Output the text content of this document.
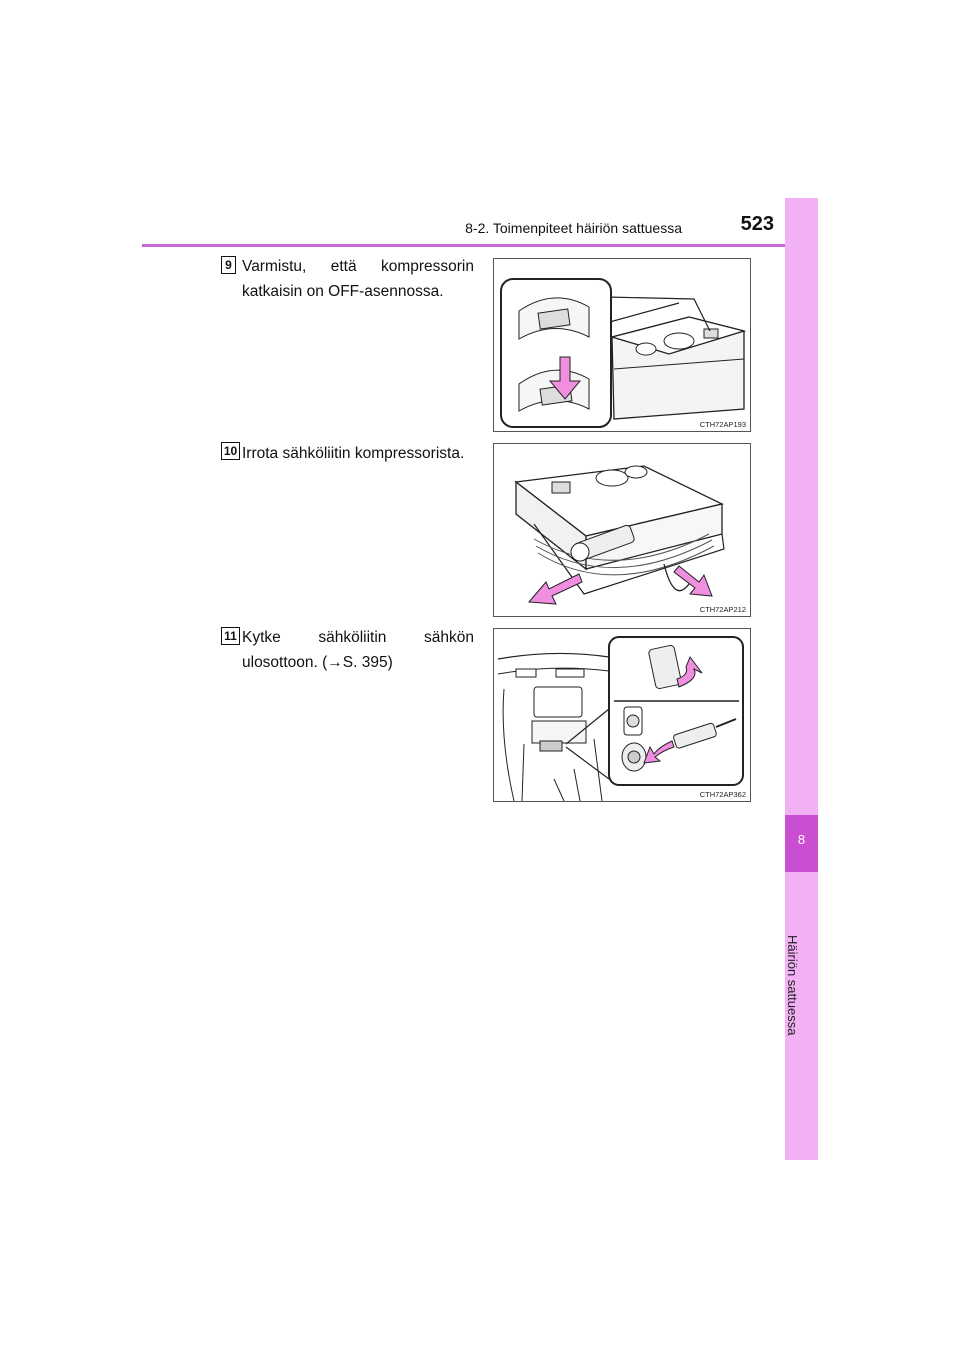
8-2. Toimenpiteet häiriön sattuessa	523
8
Häiriön sattuessa
9 Varmistu, että kompressorin katkaisin on OFF-asennossa.
CTH72AP193
10 Irrota sähköliitin kompressorista.
CTH72AP212
11 Kytke sähköliitin sähkön ulosottoon. (→S. 395)
CTH72AP362
